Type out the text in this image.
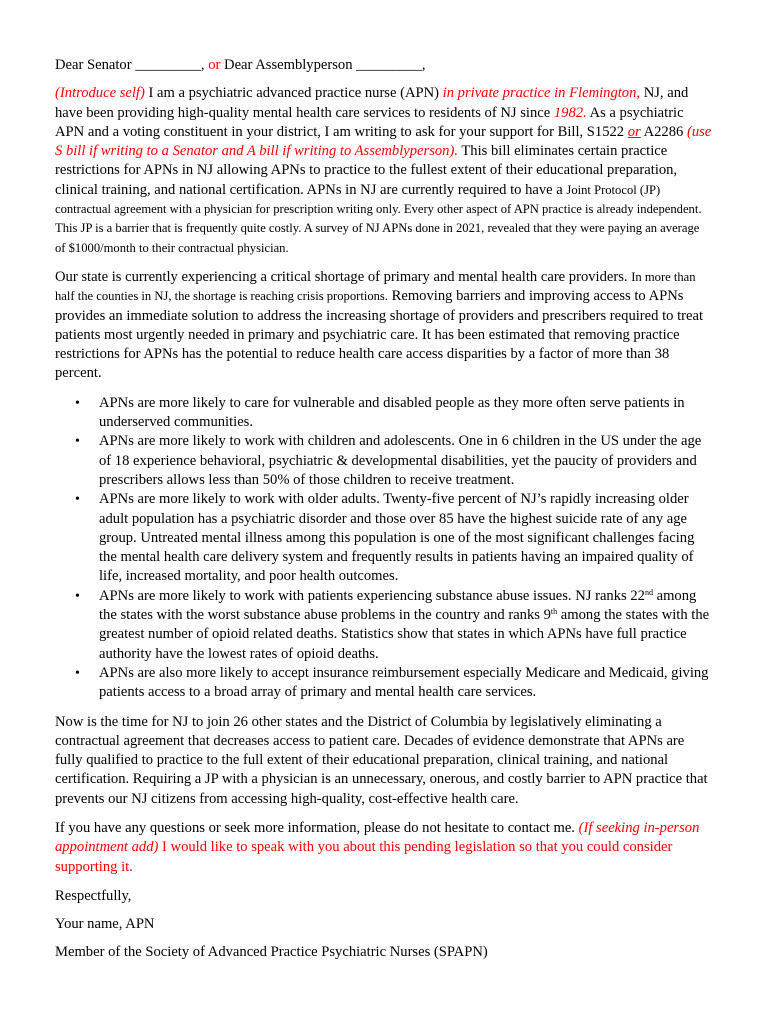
Dear Senator _________, or Dear Assemblyperson _________,

(Introduce self) I am a psychiatric advanced practice nurse (APN) in private practice in Flemington, NJ, and have been providing high-quality mental health care services to residents of NJ since 1982. As a psychiatric APN and a voting constituent in your district, I am writing to ask for your support for Bill, S1522 or A2286 (use S bill if writing to a Senator and A bill if writing to Assemblyperson). This bill eliminates certain practice restrictions for APNs in NJ allowing APNs to practice to the fullest extent of their educational preparation, clinical training, and national certification. APNs in NJ are currently required to have a Joint Protocol (JP) contractual agreement with a physician for prescription writing only. Every other aspect of APN practice is already independent. This JP is a barrier that is frequently quite costly. A survey of NJ APNs done in 2021, revealed that they were paying an average of $1000/month to their contractual physician.

Our state is currently experiencing a critical shortage of primary and mental health care providers. In more than half the counties in NJ, the shortage is reaching crisis proportions. Removing barriers and improving access to APNs provides an immediate solution to address the increasing shortage of providers and prescribers required to treat patients most urgently needed in primary and psychiatric care. It has been estimated that removing practice restrictions for APNs has the potential to reduce health care access disparities by a factor of more than 38 percent.

• APNs are more likely to care for vulnerable and disabled people as they more often serve patients in underserved communities.
• APNs are more likely to work with children and adolescents. One in 6 children in the US under the age of 18 experience behavioral, psychiatric & developmental disabilities, yet the paucity of providers and prescribers allows less than 50% of those children to receive treatment.
• APNs are more likely to work with older adults. Twenty-five percent of NJ’s rapidly increasing older adult population has a psychiatric disorder and those over 85 have the highest suicide rate of any age group. Untreated mental illness among this population is one of the most significant challenges facing the mental health care delivery system and frequently results in patients having an impaired quality of life, increased mortality, and poor health outcomes.
• APNs are more likely to work with patients experiencing substance abuse issues. NJ ranks 22nd among the states with the worst substance abuse problems in the country and ranks 9th among the states with the greatest number of opioid related deaths. Statistics show that states in which APNs have full practice authority have the lowest rates of opioid deaths.
• APNs are also more likely to accept insurance reimbursement especially Medicare and Medicaid, giving patients access to a broad array of primary and mental health care services.

Now is the time for NJ to join 26 other states and the District of Columbia by legislatively eliminating a contractual agreement that decreases access to patient care. Decades of evidence demonstrate that APNs are fully qualified to practice to the full extent of their educational preparation, clinical training, and national certification. Requiring a JP with a physician is an unnecessary, onerous, and costly barrier to APN practice that prevents our NJ citizens from accessing high-quality, cost-effective health care.

If you have any questions or seek more information, please do not hesitate to contact me. (If seeking in-person appointment add) I would like to speak with you about this pending legislation so that you could consider supporting it.

Respectfully,

Your name, APN

Member of the Society of Advanced Practice Psychiatric Nurses (SPAPN)
